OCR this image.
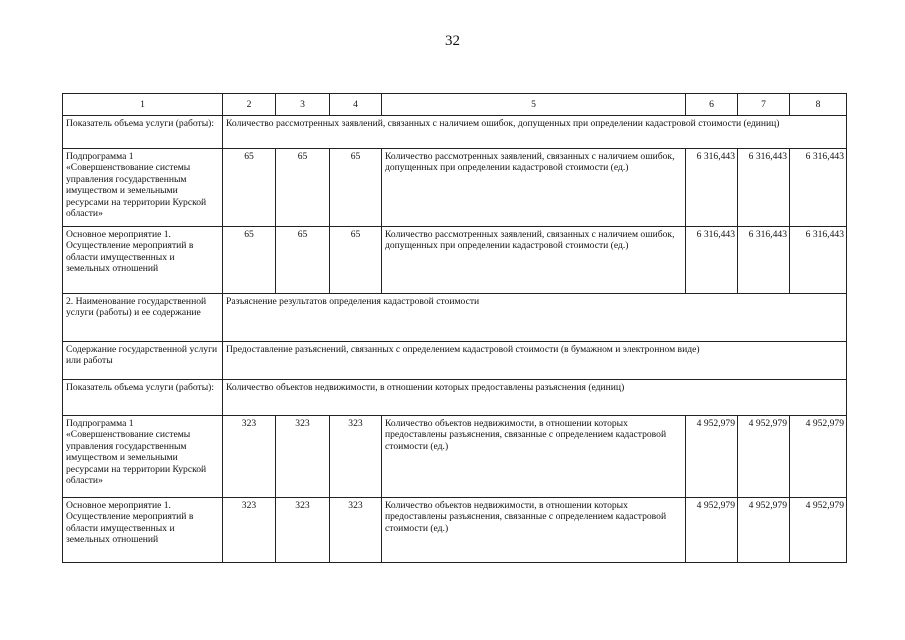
32
1	2	3	4	5	6	7	8
Показатель объема услуги (работы):	Количество рассмотренных заявлений, связанных с наличием ошибок, допущенных при определении кадастровой стоимости (единиц)						
Подпрограмма 1 «Совершенствование системы управления государственным имуществом и земельными ресурсами на территории Курской области»	65	65	65	Количество рассмотренных заявлений, связанных с наличием ошибок, допущенных при определении кадастровой стоимости (ед.)	6 316,443	6 316,443	6 316,443
Основное мероприятие 1. Осуществление мероприятий в области имущественных и земельных отношений	65	65	65	Количество рассмотренных заявлений, связанных с наличием ошибок, допущенных при определении кадастровой стоимости (ед.)	6 316,443	6 316,443	6 316,443
2. Наименование государственной услуги (работы) и ее содержание	Разъяснение результатов определения кадастровой стоимости						
Содержание государственной услуги или работы	Предоставление разъяснений, связанных с определением кадастровой стоимости (в бумажном и электронном виде)						
Показатель объема услуги (работы):	Количество объектов недвижимости, в отношении которых предоставлены разъяснения (единиц)						
Подпрограмма 1 «Совершенствование системы управления государственным имуществом и земельными ресурсами на территории Курской области»	323	323	323	Количество объектов недвижимости, в отношении которых предоставлены разъяснения, связанные с определением кадастровой стоимости (ед.)	4 952,979	4 952,979	4 952,979
Основное мероприятие 1. Осуществление мероприятий в области имущественных и земельных отношений	323	323	323	Количество объектов недвижимости, в отношении которых предоставлены разъяснения, связанные с определением кадастровой стоимости (ед.)	4 952,979	4 952,979	4 952,979
